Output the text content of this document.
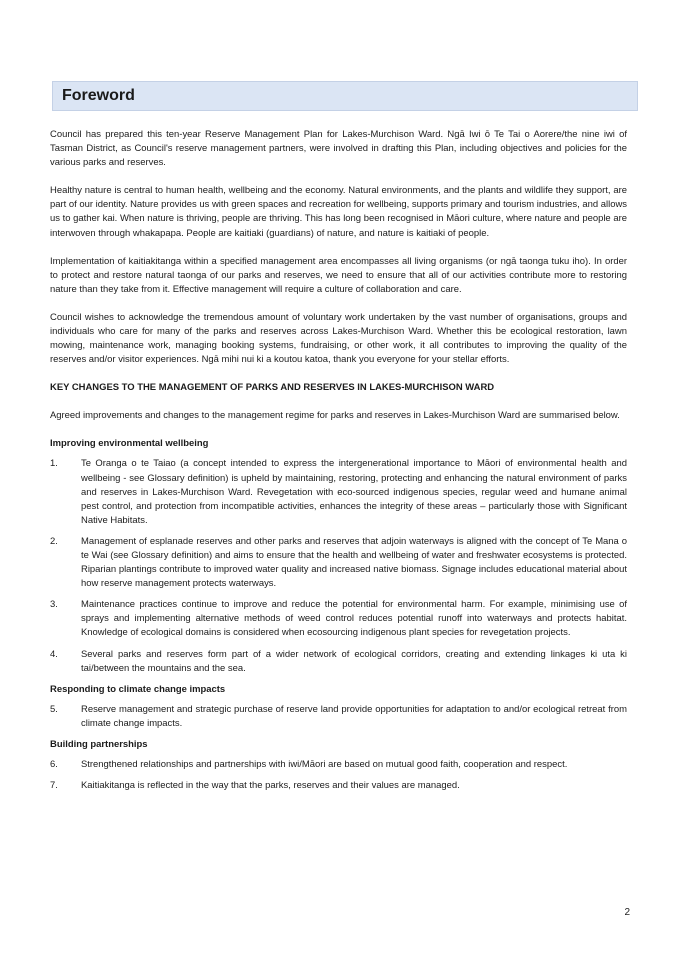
Foreword

Council has prepared this ten-year Reserve Management Plan for Lakes-Murchison Ward. Ngā Iwi ō Te Tai o Aorere/the nine iwi of Tasman District, as Council's reserve management partners, were involved in drafting this Plan, including objectives and policies for the various parks and reserves.

Healthy nature is central to human health, wellbeing and the economy. Natural environments, and the plants and wildlife they support, are part of our identity. Nature provides us with green spaces and recreation for wellbeing, supports primary and tourism industries, and allows us to gather kai. When nature is thriving, people are thriving. This has long been recognised in Māori culture, where nature and people are interwoven through whakapapa. People are kaitiaki (guardians) of nature, and nature is kaitiaki of people.

Implementation of kaitiakitanga within a specified management area encompasses all living organisms (or ngā taonga tuku iho). In order to protect and restore natural taonga of our parks and reserves, we need to ensure that all of our activities contribute more to restoring nature than they take from it. Effective management will require a culture of collaboration and care.

Council wishes to acknowledge the tremendous amount of voluntary work undertaken by the vast number of organisations, groups and individuals who care for many of the parks and reserves across Lakes-Murchison Ward. Whether this be ecological restoration, lawn mowing, maintenance work, managing booking systems, fundraising, or other work, it all contributes to improving the quality of the reserves and/or visitor experiences. Ngā mihi nui ki a koutou katoa, thank you everyone for your stellar efforts.

KEY CHANGES TO THE MANAGEMENT OF PARKS AND RESERVES IN LAKES-MURCHISON WARD

Agreed improvements and changes to the management regime for parks and reserves in Lakes-Murchison Ward are summarised below.

Improving environmental wellbeing
1.	Te Oranga o te Taiao (a concept intended to express the intergenerational importance to Māori of environmental health and wellbeing - see Glossary definition) is upheld by maintaining, restoring, protecting and enhancing the natural environment of parks and reserves in Lakes-Murchison Ward. Revegetation with eco-sourced indigenous species, regular weed and humane animal pest control, and protection from incompatible activities, enhances the integrity of these areas – particularly those with Significant Native Habitats.
2.	Management of esplanade reserves and other parks and reserves that adjoin waterways is aligned with the concept of Te Mana o te Wai (see Glossary definition) and aims to ensure that the health and wellbeing of water and freshwater ecosystems is protected. Riparian plantings contribute to improved water quality and increased native biomass. Signage includes educational material about how reserve management protects waterways.
3.	Maintenance practices continue to improve and reduce the potential for environmental harm. For example, minimising use of sprays and implementing alternative methods of weed control reduces potential runoff into waterways and protects habitat. Knowledge of ecological domains is considered when ecosourcing indigenous plant species for revegetation projects.
4.	Several parks and reserves form part of a wider network of ecological corridors, creating and extending linkages ki uta ki tai/between the mountains and the sea.
Responding to climate change impacts
5.	Reserve management and strategic purchase of reserve land provide opportunities for adaptation to and/or ecological retreat from climate change impacts.
Building partnerships
6.	Strengthened relationships and partnerships with iwi/Māori are based on mutual good faith, cooperation and respect.
7.	Kaitiakitanga is reflected in the way that the parks, reserves and their values are managed.
2
